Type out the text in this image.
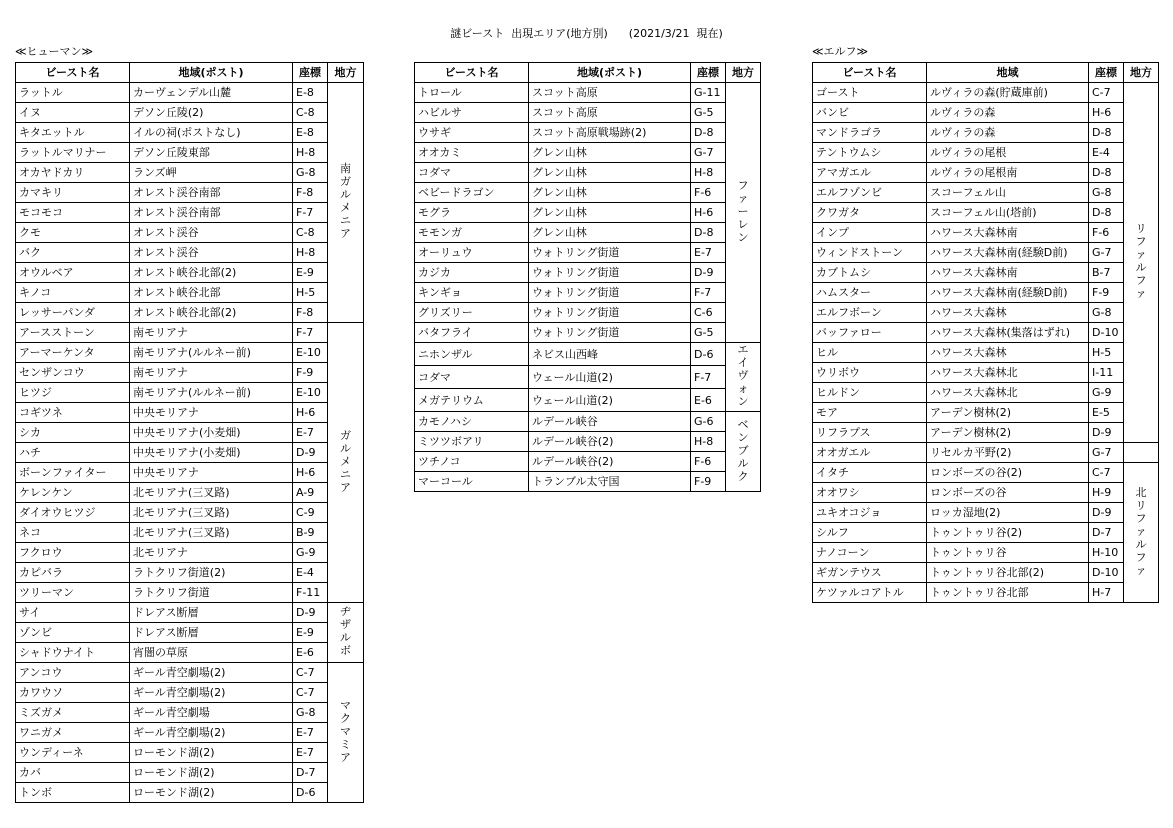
謎ビースト  出現エリア(地方別)      (2021/3/21  現在)
≪ヒューマン≫	≪エルフ≫
ビースト名	地域(ポスト)	座標	地方
ラットル	カーヴェンデル山麓	E-8	南ガルメニア
イヌ	デソン丘陵(2)	C-8	
キタエットル	イルの祠(ポストなし)	E-8	
ラットルマリナー	デソン丘陵東部	H-8	
オカヤドカリ	ランズ岬	G-8	
カマキリ	オレスト渓谷南部	F-8	
モコモコ	オレスト渓谷南部	F-7	
クモ	オレスト渓谷	C-8	
バク	オレスト渓谷	H-8	
オウルベア	オレスト峡谷北部(2)	E-9	
キノコ	オレスト峡谷北部	H-5	
レッサーパンダ	オレスト峡谷北部(2)	F-8	
アースストーン	南モリアナ	F-7	ガルメニア
アーマーケンタ	南モリアナ(ルルネー前)	E-10	
センザンコウ	南モリアナ	F-9	
ヒツジ	南モリアナ(ルルネー前)	E-10	
コギツネ	中央モリアナ	H-6	
シカ	中央モリアナ(小麦畑)	E-7	
ハチ	中央モリアナ(小麦畑)	D-9	
ボーンファイター	中央モリアナ	H-6	
ケレンケン	北モリアナ(三叉路)	A-9	
ダイオウヒツジ	北モリアナ(三叉路)	C-9	
ネコ	北モリアナ(三叉路)	B-9	
フクロウ	北モリアナ	G-9	
カピバラ	ラトクリフ街道(2)	E-4	
ツリーマン	ラトクリフ街道	F-11	
サイ	ドレアス断層	D-9	ヂザルボ
ゾンビ	ドレアス断層	E-9	
シャドウナイト	宵闇の草原	E-6	
アンコウ	ギール青空劇場(2)	C-7	マクマミア
カワウソ	ギール青空劇場(2)	C-7	
ミズガメ	ギール青空劇場	G-8	
ワニガメ	ギール青空劇場(2)	E-7	
ウンディーネ	ローモンド湖(2)	E-7	
カバ	ローモンド湖(2)	D-7	
トンボ	ローモンド湖(2)	D-6	
ビースト名	地域(ポスト)	座標	地方
トロール	スコット高原	G-11	ファーレン
ハビルサ	スコット高原	G-5	
ウサギ	スコット高原戦場跡(2)	D-8	
オオカミ	グレン山林	G-7	
コダマ	グレン山林	H-8	
ベビードラゴン	グレン山林	F-6	
モグラ	グレン山林	H-6	
モモンガ	グレン山林	D-8	
オーリュウ	ウォトリング街道	E-7	
カジカ	ウォトリング街道	D-9	
キンギョ	ウォトリング街道	F-7	
グリズリー	ウォトリング街道	C-6	
バタフライ	ウォトリング街道	G-5	
ニホンザル	ネビス山西峰	D-6	エイヴォン
コダマ	ウェール山道(2)	F-7	
メガテリウム	ウェール山道(2)	E-6	
カモノハシ	ルデール峡谷	G-6	ベンブルク
ミツツボアリ	ルデール峡谷(2)	H-8	
ツチノコ	ルデール峡谷(2)	F-6	
マーコール	トランブル太守国	F-9	
ビースト名	地域	座標	地方
ゴースト	ルヴィラの森(貯蔵庫前)	C-7	リファルファ
バンビ	ルヴィラの森	H-6	
マンドラゴラ	ルヴィラの森	D-8	
テントウムシ	ルヴィラの尾根	E-4	
アマガエル	ルヴィラの尾根南	D-8	
エルフゾンビ	スコーフェル山	G-8	
クワガタ	スコーフェル山(塔前)	D-8	
インプ	ハワース大森林南	F-6	
ウィンドストーン	ハワース大森林南(経験D前)	G-7	
カブトムシ	ハワース大森林南	B-7	
ハムスター	ハワース大森林南(経験D前)	F-9	
エルフボーン	ハワース大森林	G-8	
バッファロー	ハワース大森林(集落はずれ)	D-10	
ヒル	ハワース大森林	H-5	
ウリボウ	ハワース大森林北	I-11	
ヒルドン	ハワース大森林北	G-9	
モア	アーデン樹林(2)	E-5	
リフラプス	アーデン樹林(2)	D-9	
オオガエル	リセルカ平野(2)	G-7	
イタチ	ロンボーズの谷(2)	C-7	北リファルファ
オオワシ	ロンボーズの谷	H-9	
ユキオコジョ	ロッカ湿地(2)	D-9	
シルフ	トゥントゥリ谷(2)	D-7	
ナノコーン	トゥントゥリ谷	H-10	
ギガンテウス	トゥントゥリ谷北部(2)	D-10	
ケツァルコアトル	トゥントゥリ谷北部	H-7	
